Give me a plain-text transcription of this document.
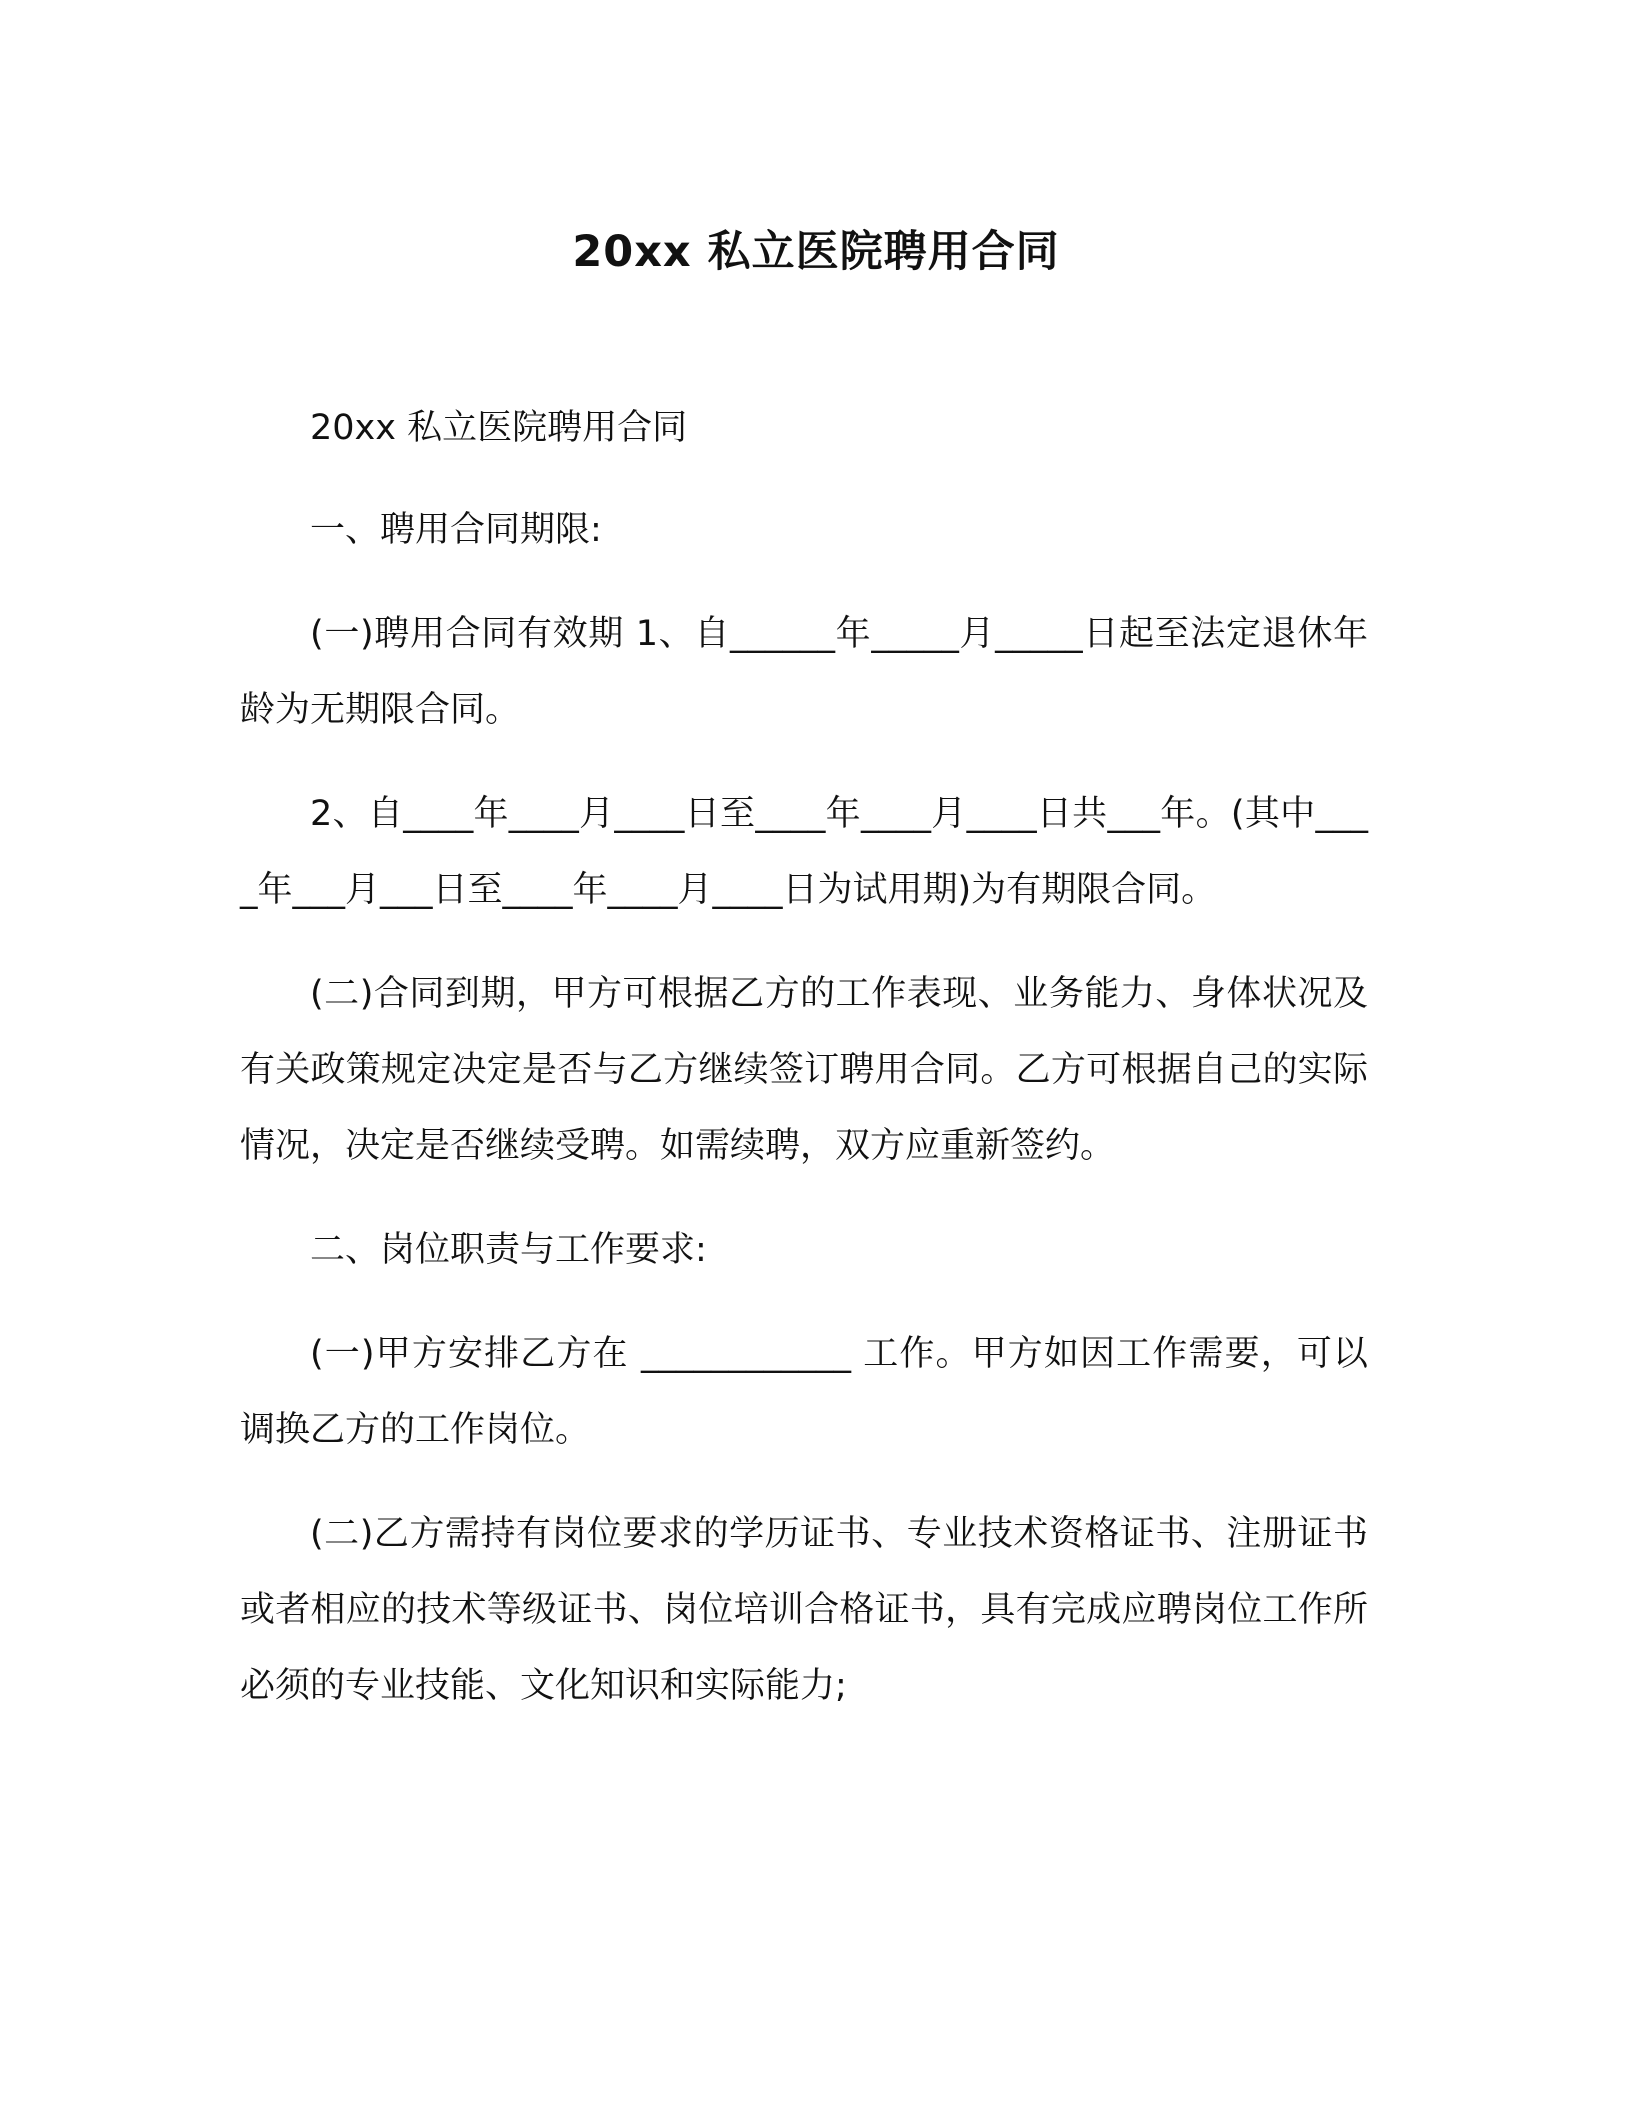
20xx 私立医院聘用合同

20xx 私立医院聘用合同

一、聘用合同期限:

(一)聘用合同有效期 1、自______年_____月_____日起至法定退休年龄为无期限合同。

2、自____年____月____日至____年____月____日共___年。(其中____年___月___日至____年____月____日为试用期)为有期限合同。

(二)合同到期，甲方可根据乙方的工作表现、业务能力、身体状况及有关政策规定决定是否与乙方继续签订聘用合同。乙方可根据自己的实际情况，决定是否继续受聘。如需续聘，双方应重新签约。

二、岗位职责与工作要求:

(一)甲方安排乙方在 ____________ 工作。甲方如因工作需要，可以调换乙方的工作岗位。

(二)乙方需持有岗位要求的学历证书、专业技术资格证书、注册证书或者相应的技术等级证书、岗位培训合格证书，具有完成应聘岗位工作所必须的专业技能、文化知识和实际能力;
